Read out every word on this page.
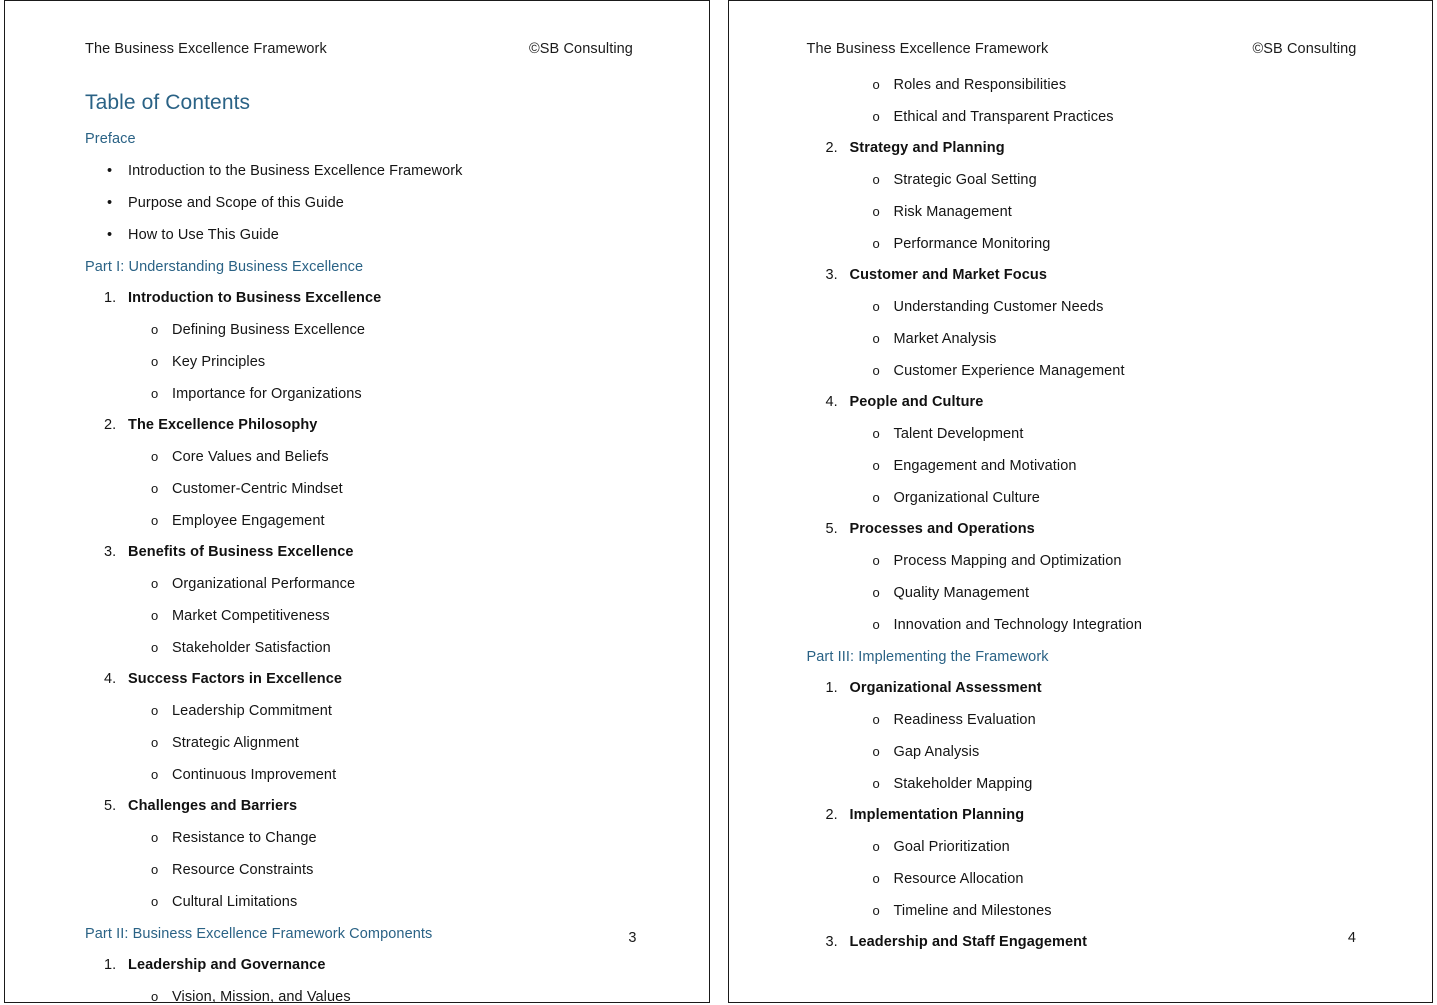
The Business Excellence Framework	©SB Consulting
Table of Contents
Preface
• Introduction to the Business Excellence Framework
• Purpose and Scope of this Guide
• How to Use This Guide
Part I: Understanding Business Excellence
1. Introduction to Business Excellence
o Defining Business Excellence
o Key Principles
o Importance for Organizations
2. The Excellence Philosophy
o Core Values and Beliefs
o Customer-Centric Mindset
o Employee Engagement
3. Benefits of Business Excellence
o Organizational Performance
o Market Competitiveness
o Stakeholder Satisfaction
4. Success Factors in Excellence
o Leadership Commitment
o Strategic Alignment
o Continuous Improvement
5. Challenges and Barriers
o Resistance to Change
o Resource Constraints
o Cultural Limitations
Part II: Business Excellence Framework Components
1. Leadership and Governance
o Vision, Mission, and Values
3
The Business Excellence Framework	©SB Consulting
o Roles and Responsibilities
o Ethical and Transparent Practices
2. Strategy and Planning
o Strategic Goal Setting
o Risk Management
o Performance Monitoring
3. Customer and Market Focus
o Understanding Customer Needs
o Market Analysis
o Customer Experience Management
4. People and Culture
o Talent Development
o Engagement and Motivation
o Organizational Culture
5. Processes and Operations
o Process Mapping and Optimization
o Quality Management
o Innovation and Technology Integration
Part III: Implementing the Framework
1. Organizational Assessment
o Readiness Evaluation
o Gap Analysis
o Stakeholder Mapping
2. Implementation Planning
o Goal Prioritization
o Resource Allocation
o Timeline and Milestones
3. Leadership and Staff Engagement	4
